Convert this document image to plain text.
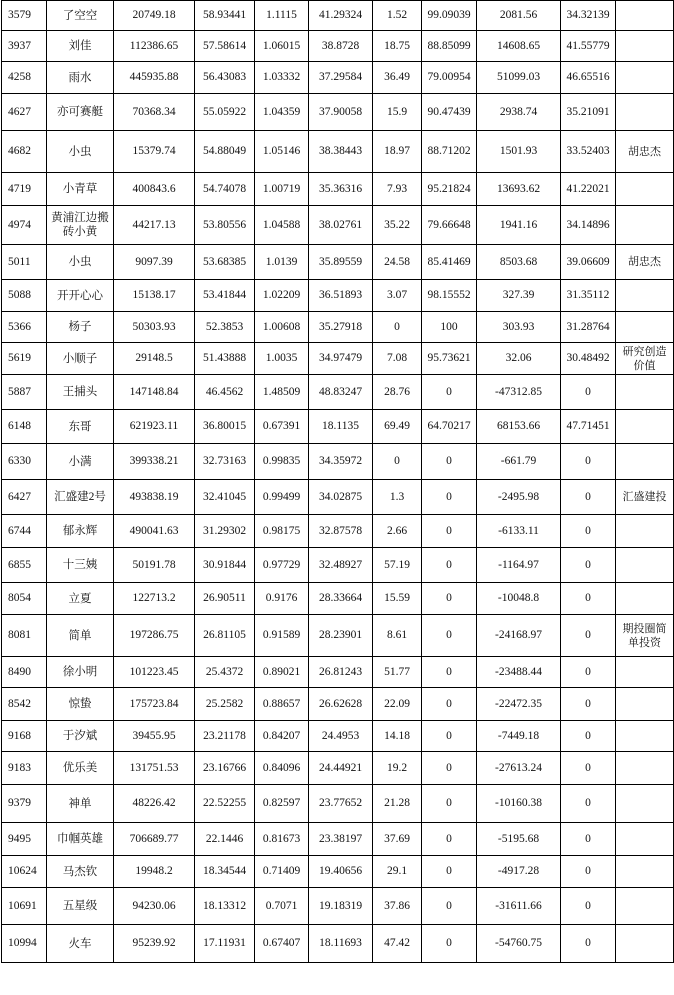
3579	了空空	20749.18	58.93441	1.1115	41.29324	1.52	99.09039	2081.56	34.32139	
3937	刘佳	112386.65	57.58614	1.06015	38.8728	18.75	88.85099	14608.65	41.55779	
4258	雨水	445935.88	56.43083	1.03332	37.29584	36.49	79.00954	51099.03	46.65516	
4627	亦可赛艇	70368.34	55.05922	1.04359	37.90058	15.9	90.47439	2938.74	35.21091	
4682	小虫	15379.74	54.88049	1.05146	38.38443	18.97	88.71202	1501.93	33.52403	胡忠杰
4719	小青草	400843.6	54.74078	1.00719	35.36316	7.93	95.21824	13693.62	41.22021	
4974	黄浦江边搬砖小黄	44217.13	53.80556	1.04588	38.02761	35.22	79.66648	1941.16	34.14896	
5011	小虫	9097.39	53.68385	1.0139	35.89559	24.58	85.41469	8503.68	39.06609	胡忠杰
5088	开开心心	15138.17	53.41844	1.02209	36.51893	3.07	98.15552	327.39	31.35112	
5366	杨子	50303.93	52.3853	1.00608	35.27918	0	100	303.93	31.28764	
5619	小顺子	29148.5	51.43888	1.0035	34.97479	7.08	95.73621	32.06	30.48492	研究创造价值
5887	王捕头	147148.84	46.4562	1.48509	48.83247	28.76	0	-47312.85	0	
6148	东哥	621923.11	36.80015	0.67391	18.1135	69.49	64.70217	68153.66	47.71451	
6330	小满	399338.21	32.73163	0.99835	34.35972	0	0	-661.79	0	
6427	汇盛建2号	493838.19	32.41045	0.99499	34.02875	1.3	0	-2495.98	0	汇盛建投
6744	郁永辉	490041.63	31.29302	0.98175	32.87578	2.66	0	-6133.11	0	
6855	十三姨	50191.78	30.91844	0.97729	32.48927	57.19	0	-1164.97	0	
8054	立夏	122713.2	26.90511	0.9176	28.33664	15.59	0	-10048.8	0	
8081	简单	197286.75	26.81105	0.91589	28.23901	8.61	0	-24168.97	0	期投圈简单投资
8490	徐小明	101223.45	25.4372	0.89021	26.81243	51.77	0	-23488.44	0	
8542	惊蛰	175723.84	25.2582	0.88657	26.62628	22.09	0	-22472.35	0	
9168	于汐斌	39455.95	23.21178	0.84207	24.4953	14.18	0	-7449.18	0	
9183	优乐美	131751.53	23.16766	0.84096	24.44921	19.2	0	-27613.24	0	
9379	神单	48226.42	22.52255	0.82597	23.77652	21.28	0	-10160.38	0	
9495	巾帼英雄	706689.77	22.1446	0.81673	23.38197	37.69	0	-5195.68	0	
10624	马杰钦	19948.2	18.34544	0.71409	19.40656	29.1	0	-4917.28	0	
10691	五星级	94230.06	18.13312	0.7071	19.18319	37.86	0	-31611.66	0	
10994	火车	95239.92	17.11931	0.67407	18.11693	47.42	0	-54760.75	0	
